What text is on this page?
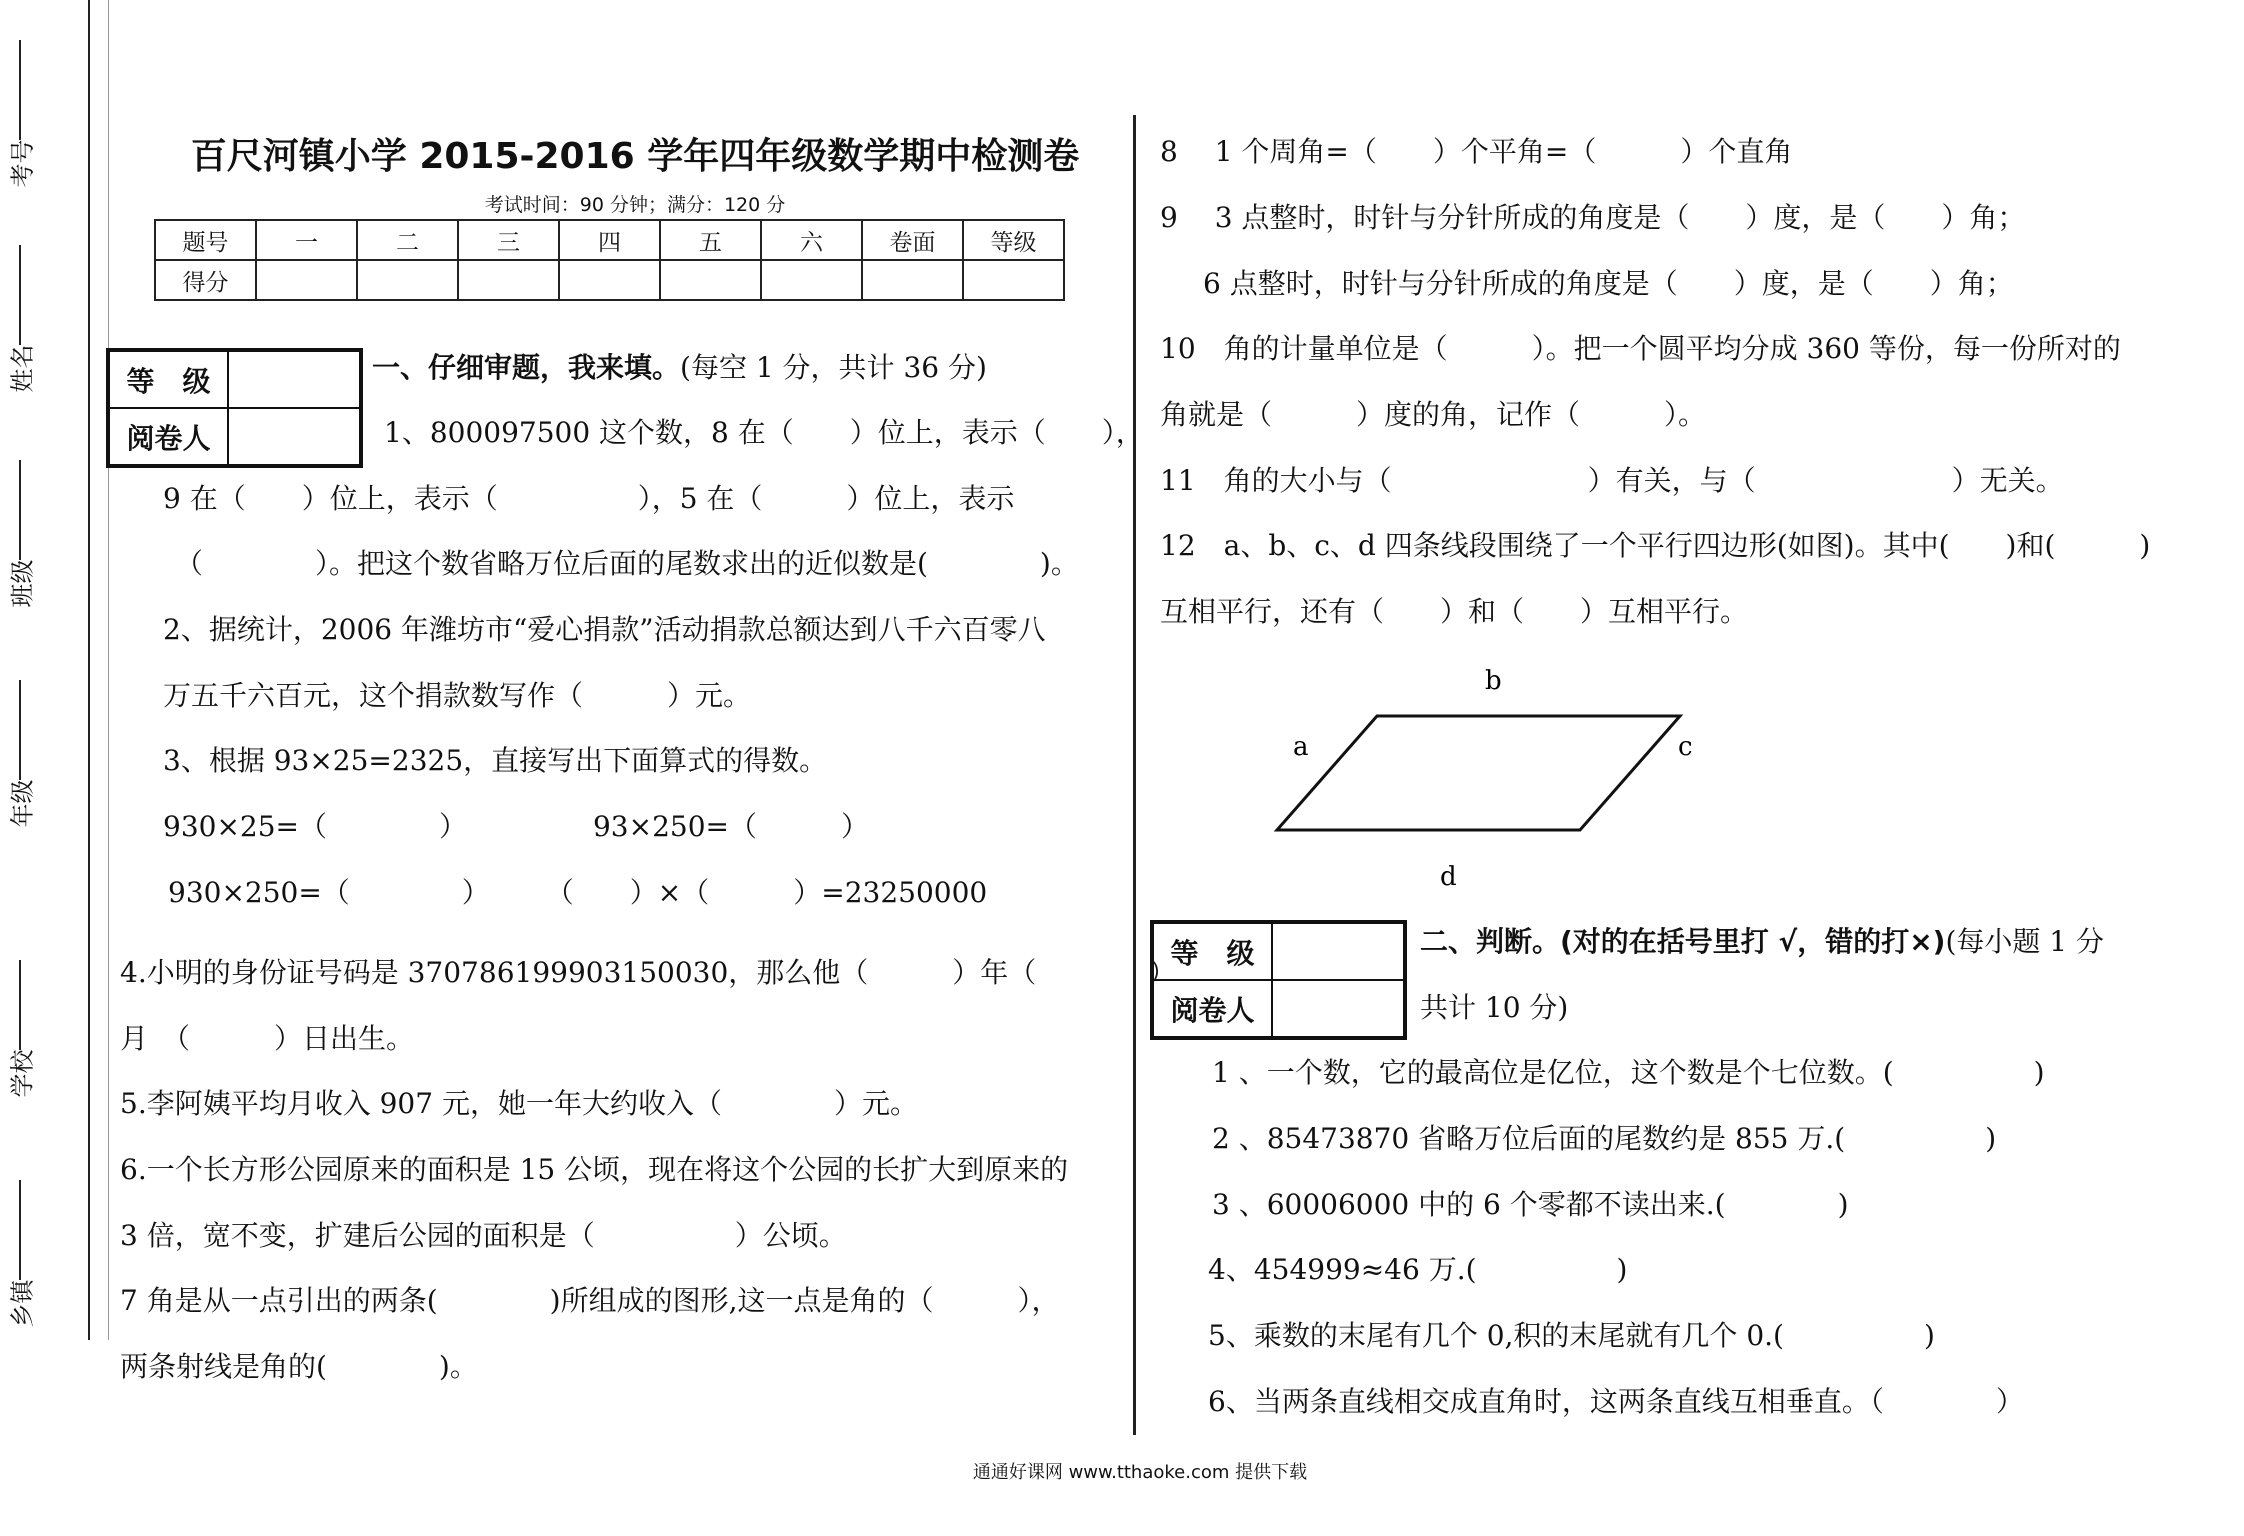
考号
姓名
班级
年级
学校
乡镇
百尺河镇小学 2015-2016 学年四年级数学期中检测卷
考试时间：90 分钟；满分：120 分
题号	一	二	三	四	五	六	卷面	等级
得分								
等　级	
阅卷人	
一、仔细审题，我来填。(每空 1 分，共计 36 分)
1、800097500 这个数，8 在（　　）位上，表示（　　），
9 在（　　）位上，表示（　　　　　），5 在（　　　）位上，表示
（　　　　）。把这个数省略万位后面的尾数求出的近似数是(　　　　)。
2、据统计，2006 年潍坊市“爱心捐款”活动捐款总额达到八千六百零八
万五千六百元，这个捐款数写作（　　　）元。
3、根据 93×25=2325，直接写出下面算式的得数。
930×25=（　　　　）　　　　　93×250=（　　　）
930×250=（　　　　）　　　（　　）×（　　　）=23250000
4.小明的身份证号码是 370786199903150030，那么他（　　　）年（　　　　）
月　（　　　）日出生。
5.李阿姨平均月收入 907 元，她一年大约收入（　　　　）元。
6.一个长方形公园原来的面积是 15 公顷，现在将这个公园的长扩大到原来的
3 倍，宽不变，扩建后公园的面积是（　　　　　）公顷。
7 角是从一点引出的两条(　　　　)所组成的图形,这一点是角的（　　　），
两条射线是角的(　　　　)。
8　 1 个周角=（　　）个平角=（　　　）个直角
9　 3 点整时，时针与分针所成的角度是（　　）度，是（　　）角；
6 点整时，时针与分针所成的角度是（　　）度，是（　　）角；
10　角的计量单位是（　　　）。把一个圆平均分成 360 等份，每一份所对的
角就是（　　　）度的角，记作（　　　）。
11　角的大小与（　　　　　　　）有关，与（　　　　　　　）无关。
12　a、b、c、d 四条线段围绕了一个平行四边形(如图)。其中(　　)和(　　　)
互相平行，还有（　　）和（　　）互相平行。
b
a	c
d
等　级	
阅卷人	
二、判断。(对的在括号里打 √，错的打×)(每小题 1 分
共计 10 分)
1 、一个数，它的最高位是亿位，这个数是个七位数。(　　　　　)
2 、85473870 省略万位后面的尾数约是 855 万.(　　　　　)
3 、60006000 中的 6 个零都不读出来.(　　　　)
4、454999≈46 万.(　　　　　)
5、乘数的末尾有几个 0,积的末尾就有几个 0.(　　　　　)
6、当两条直线相交成直角时，这两条直线互相垂直。（　　　　）
通通好课网 www.tthaoke.com 提供下载
